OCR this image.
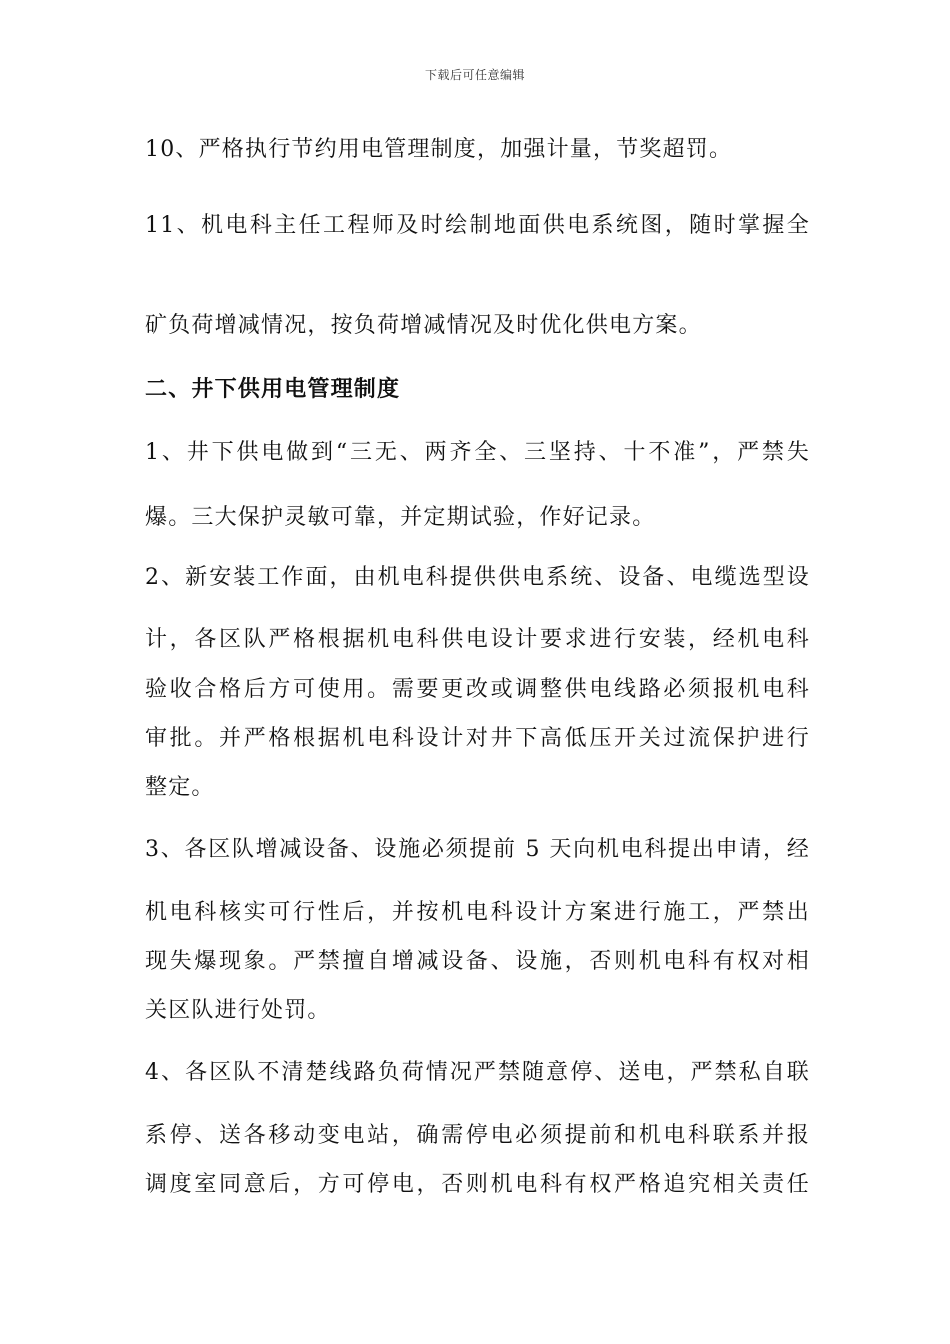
下载后可任意编辑
10、严格执行节约用电管理制度，加强计量，节奖超罚。
11、机电科主任工程师及时绘制地面供电系统图，随时掌握全
矿负荷增减情况，按负荷增减情况及时优化供电方案。
二、井下供用电管理制度
1、井下供电做到“三无、两齐全、三坚持、十不准”，严禁失
爆。三大保护灵敏可靠，并定期试验，作好记录。
2、新安装工作面，由机电科提供供电系统、设备、电缆选型设
计，各区队严格根据机电科供电设计要求进行安装，经机电科
验收合格后方可使用。需要更改或调整供电线路必须报机电科
审批。并严格根据机电科设计对井下高低压开关过流保护进行
整定。
3、各区队增减设备、设施必须提前 5 天向机电科提出申请，经
机电科核实可行性后，并按机电科设计方案进行施工，严禁出
现失爆现象。严禁擅自增减设备、设施，否则机电科有权对相
关区队进行处罚。
4、各区队不清楚线路负荷情况严禁随意停、送电，严禁私自联
系停、送各移动变电站，确需停电必须提前和机电科联系并报
调度室同意后，方可停电，否则机电科有权严格追究相关责任
